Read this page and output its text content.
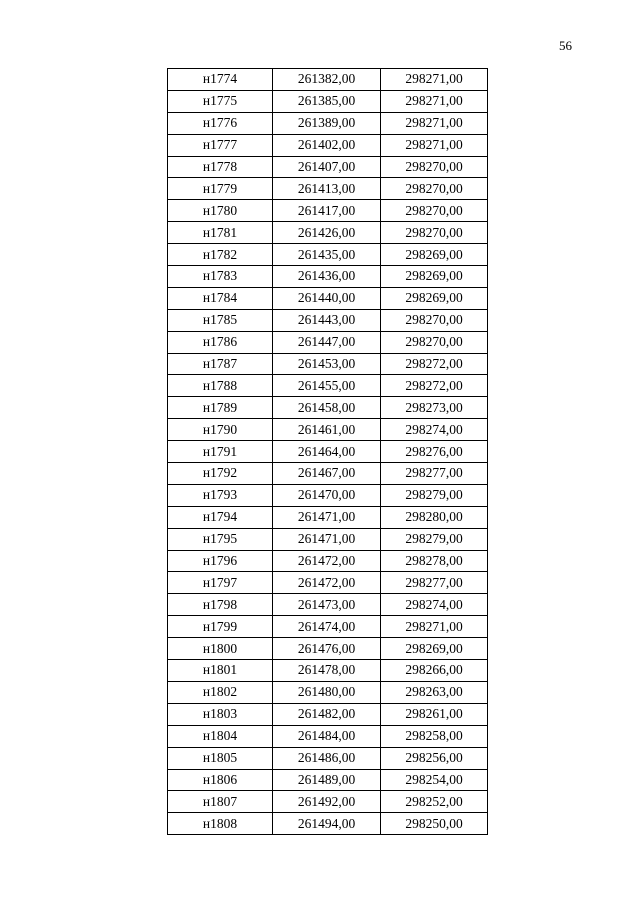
56
н1774	261382,00	298271,00
н1775	261385,00	298271,00
н1776	261389,00	298271,00
н1777	261402,00	298271,00
н1778	261407,00	298270,00
н1779	261413,00	298270,00
н1780	261417,00	298270,00
н1781	261426,00	298270,00
н1782	261435,00	298269,00
н1783	261436,00	298269,00
н1784	261440,00	298269,00
н1785	261443,00	298270,00
н1786	261447,00	298270,00
н1787	261453,00	298272,00
н1788	261455,00	298272,00
н1789	261458,00	298273,00
н1790	261461,00	298274,00
н1791	261464,00	298276,00
н1792	261467,00	298277,00
н1793	261470,00	298279,00
н1794	261471,00	298280,00
н1795	261471,00	298279,00
н1796	261472,00	298278,00
н1797	261472,00	298277,00
н1798	261473,00	298274,00
н1799	261474,00	298271,00
н1800	261476,00	298269,00
н1801	261478,00	298266,00
н1802	261480,00	298263,00
н1803	261482,00	298261,00
н1804	261484,00	298258,00
н1805	261486,00	298256,00
н1806	261489,00	298254,00
н1807	261492,00	298252,00
н1808	261494,00	298250,00
